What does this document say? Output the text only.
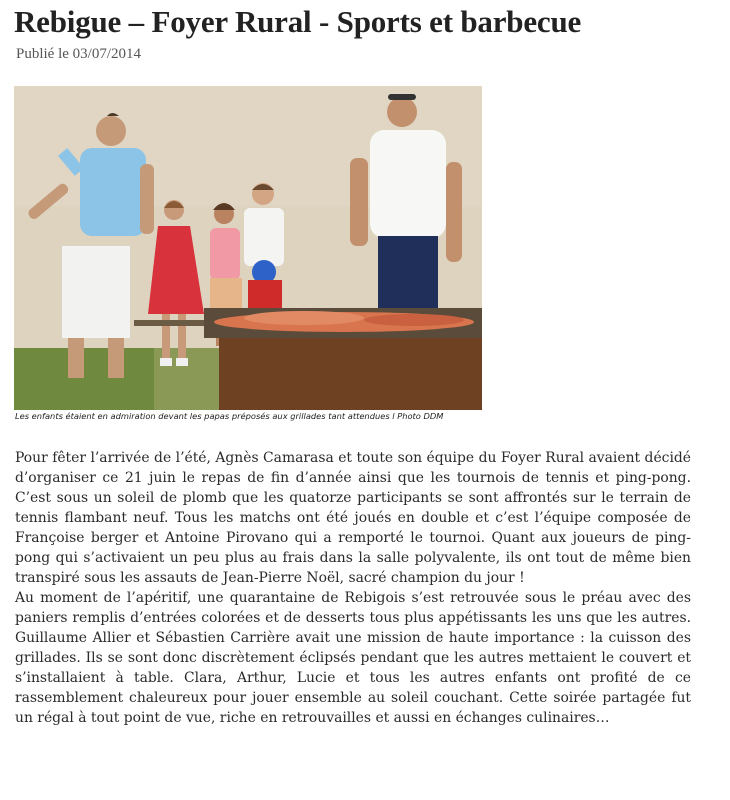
Rebigue – Foyer Rural - Sports et barbecue
Publié le 03/07/2014
Les enfants étaient en admiration devant les papas préposés aux grillades tant attendues l Photo DDM

Pour fêter l’arrivée de l’été, Agnès Camarasa et toute son équipe du Foyer Rural avaient décidé d’organiser ce 21 juin le repas de fin d’année ainsi que les tournois de tennis et ping-pong. C’est sous un soleil de plomb que les quatorze participants se sont affrontés sur le terrain de tennis flambant neuf. Tous les matchs ont été joués en double et c’est l’équipe composée de Françoise berger et Antoine Pirovano qui a remporté le tournoi. Quant aux joueurs de ping-pong qui s’activaient un peu plus au frais dans la salle polyvalente, ils ont tout de même bien transpiré sous les assauts de Jean-Pierre Noël, sacré champion du jour !

Au moment de l’apéritif, une quarantaine de Rebigois s’est retrouvée sous le préau avec des paniers remplis d’entrées colorées et de desserts tous plus appétissants les uns que les autres. Guillaume Allier et Sébastien Carrière avait une mission de haute importance : la cuisson des grillades. Ils se sont donc discrètement éclipsés pendant que les autres mettaient le couvert et s’installaient à table. Clara, Arthur, Lucie et tous les autres enfants ont profité de ce rassemblement chaleureux pour jouer ensemble au soleil couchant. Cette soirée partagée fut un régal à tout point de vue, riche en retrouvailles et aussi en échanges culinaires…
